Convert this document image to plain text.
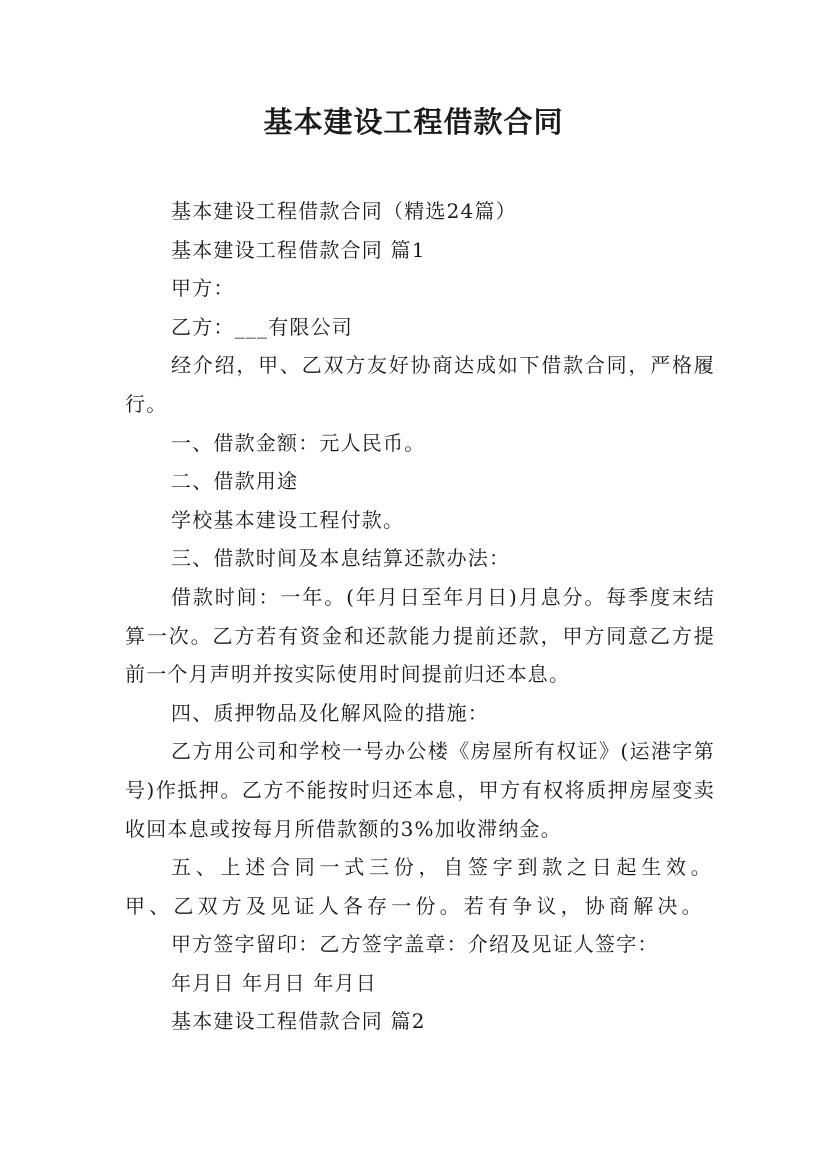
基本建设工程借款合同

基本建设工程借款合同（精选24篇）

基本建设工程借款合同 篇1

甲方：

乙方：___有限公司

经介绍，甲、乙双方友好协商达成如下借款合同，严格履行。

一、借款金额：元人民币。

二、借款用途

学校基本建设工程付款。

三、借款时间及本息结算还款办法：

借款时间：一年。(年月日至年月日)月息分。每季度末结算一次。乙方若有资金和还款能力提前还款，甲方同意乙方提前一个月声明并按实际使用时间提前归还本息。

四、质押物品及化解风险的措施：

乙方用公司和学校一号办公楼《房屋所有权证》(运港字第号)作抵押。乙方不能按时归还本息，甲方有权将质押房屋变卖收回本息或按每月所借款额的3%加收滞纳金。

五、上述合同一式三份，自签字到款之日起生效。甲、乙双方及见证人各存一份。若有争议，协商解决。

甲方签字留印：乙方签字盖章：介绍及见证人签字：

年月日 年月日 年月日

基本建设工程借款合同 篇2
